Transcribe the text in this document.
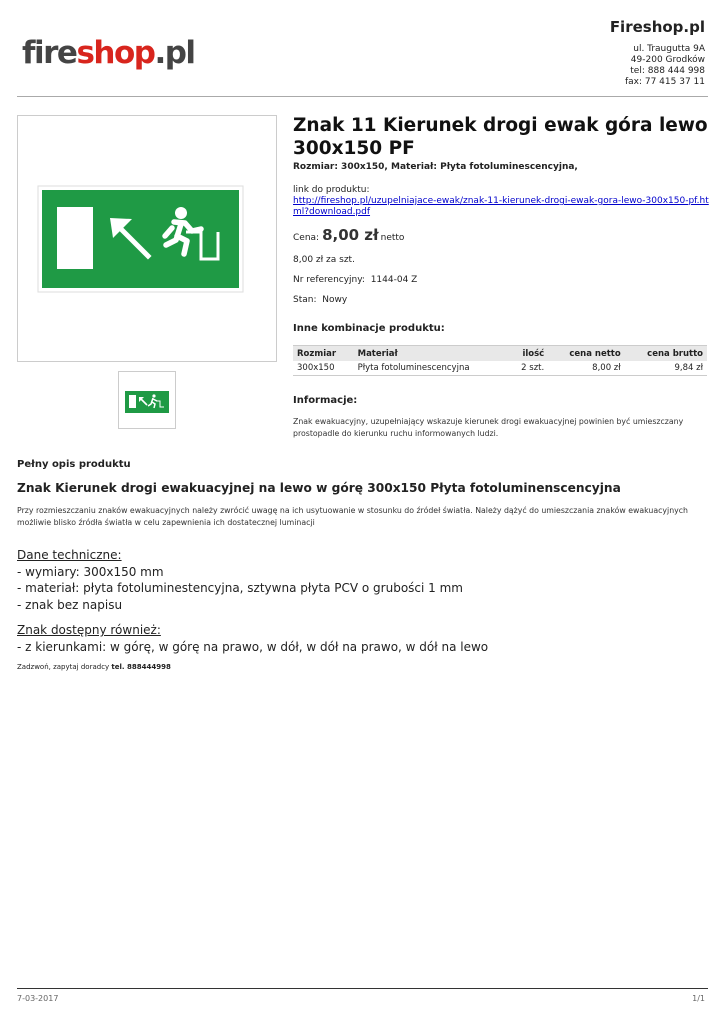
fireshop.pl
Fireshop.pl
ul. Traugutta 9A
49-200 Grodków
tel: 888 444 998
fax: 77 415 37 11
Znak 11 Kierunek drogi ewak góra lewo 300x150 PF
Rozmiar: 300x150, Materiał: Płyta fotoluminescencyjna,
link do produktu:
http://fireshop.pl/uzupelniajace-ewak/znak-11-kierunek-drogi-ewak-gora-lewo-300x150-pf.html?download.pdf
Cena: 8,00 zł netto
8,00 zł za szt.
Nr referencyjny: 1144-04 Z
Stan: Nowy
Inne kombinacje produktu:
Rozmiar	Materiał	ilość	cena netto	cena brutto
300x150	Płyta fotoluminescencyjna	2 szt.	8,00 zł	9,84 zł
Informacje:
Znak ewakuacyjny, uzupełniający wskazuje kierunek drogi ewakuacyjnej powinien być umieszczany prostopadle do kierunku ruchu informowanych ludzi.
Pełny opis produktu
Znak Kierunek drogi ewakuacyjnej na lewo w górę 300x150 Płyta fotoluminenscencyjna
Przy rozmieszczaniu znaków ewakuacyjnych należy zwrócić uwagę na ich usytuowanie w stosunku do źródeł światła. Należy dążyć do umieszczania znaków ewakuacyjnych możliwie blisko źródła światła w celu zapewnienia ich dostatecznej luminacji
Dane techniczne:
- wymiary: 300x150 mm
- materiał: płyta fotoluminestencyjna, sztywna płyta PCV o grubości 1 mm
- znak bez napisu
Znak dostępny również:
- z kierunkami: w górę, w górę na prawo, w dół, w dół na prawo, w dół na lewo
Zadzwoń, zapytaj doradcy tel. 888444998
7-03-2017	1/1
